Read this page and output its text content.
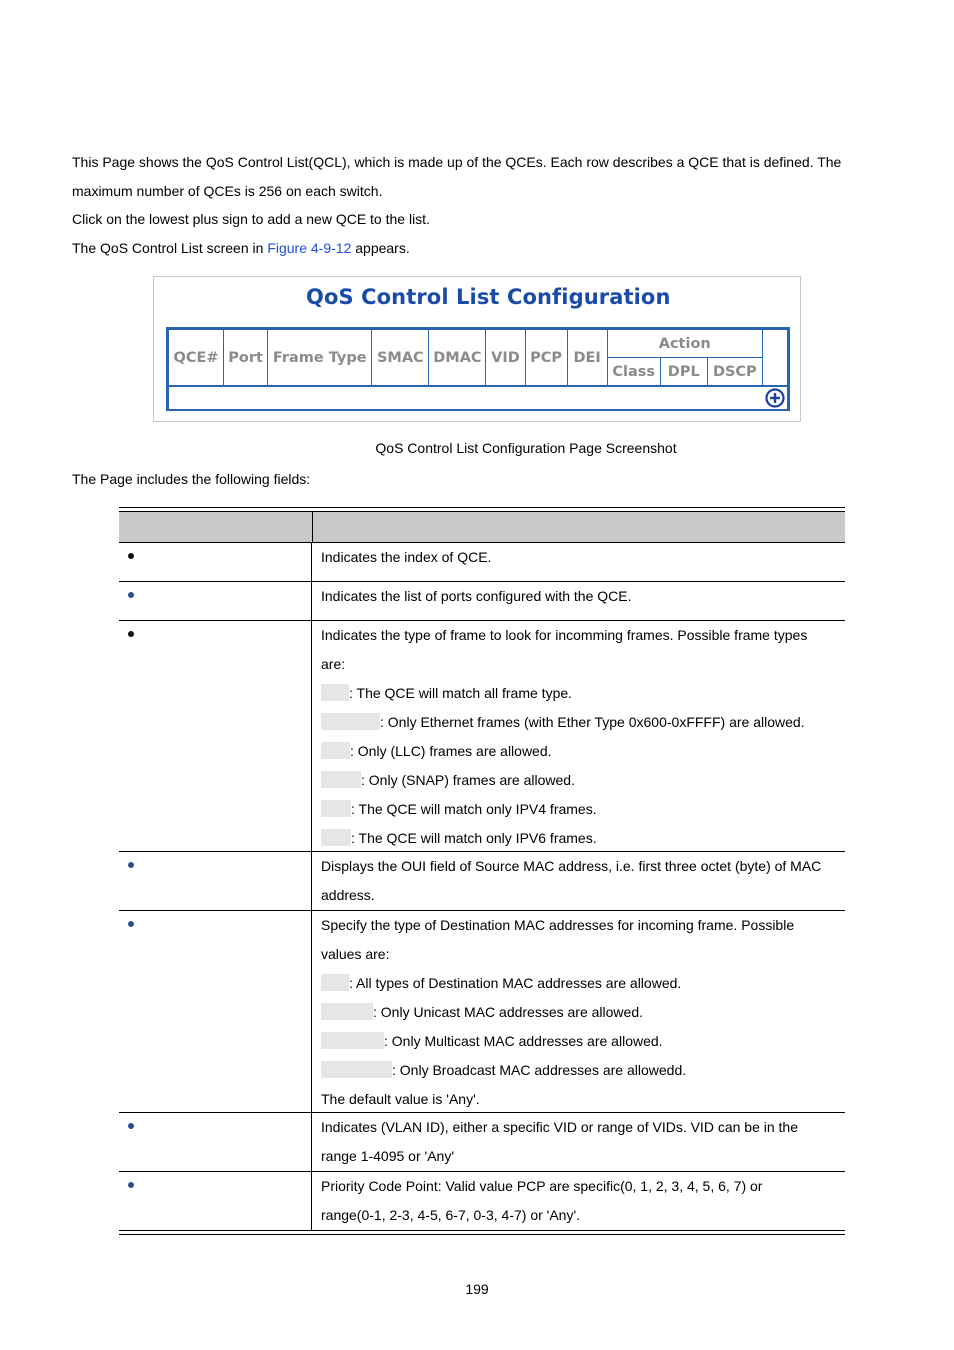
This Page shows the QoS Control List(QCL), which is made up of the QCEs. Each row describes a QCE that is defined. The maximum number of QCEs is 256 on each switch.

Click on the lowest plus sign to add a new QCE to the list.

The QoS Control List screen in Figure 4-9-12 appears.

QoS Control List Configuration
QCE#	Port	Frame Type	SMAC	DMAC	VID	PCP	DEI	Action			
								Class	DPL	DSCP	

QoS Control List Configuration Page Screenshot

The Page includes the following fields:

Indicates the index of QCE.
Indicates the list of ports configured with the QCE.
Indicates the type of frame to look for incomming frames. Possible frame types
are:
: The QCE will match all frame type.
: Only Ethernet frames (with Ether Type 0x600-0xFFFF) are allowed.
: Only (LLC) frames are allowed.
: Only (SNAP) frames are allowed.
: The QCE will match only IPV4 frames.
: The QCE will match only IPV6 frames.
Displays the OUI field of Source MAC address, i.e. first three octet (byte) of MAC
address.
Specify the type of Destination MAC addresses for incoming frame. Possible
values are:
: All types of Destination MAC addresses are allowed.
: Only Unicast MAC addresses are allowed.
: Only Multicast MAC addresses are allowed.
: Only Broadcast MAC addresses are allowedd.
The default value is 'Any'.
Indicates (VLAN ID), either a specific VID or range of VIDs. VID can be in the
range 1-4095 or 'Any'
Priority Code Point: Valid value PCP are specific(0, 1, 2, 3, 4, 5, 6, 7) or
range(0-1, 2-3, 4-5, 6-7, 0-3, 4-7) or 'Any'.
199
